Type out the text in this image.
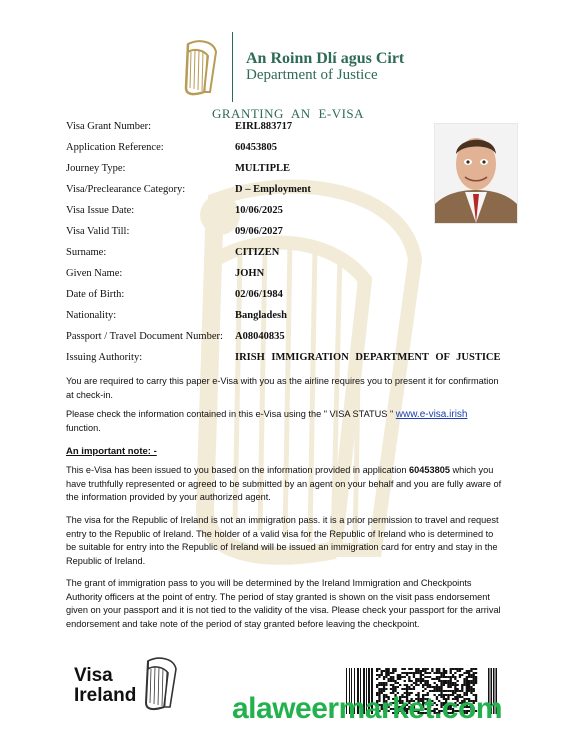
An Roinn Dlí agus Cirt
Department of Justice
GRANTING AN E-VISA
Visa Grant Number:	EIRL883717
Application Reference:	60453805
Journey Type:	MULTIPLE
Visa/Preclearance Category:	D – Employment
Visa Issue Date:	10/06/2025
Visa Valid Till:	09/06/2027
Surname:	CITIZEN
Given Name:	JOHN
Date of Birth:	02/06/1984
Nationality:	Bangladesh
Passport / Travel Document Number: A08040835
Issuing Authority:	IRISH IMMIGRATION DEPARTMENT OF JUSTICE

You are required to carry this paper e-Visa with you as the airline requires you to present it for confirmation at check-in.

Please check the information contained in this e-Visa using the " VISA STATUS " www.e-visa.irish
function.

An important note: -

This e-Visa has been issued to you based on the information provided in application 60453805 which you have truthfully represented or agreed to be submitted by an agent on your behalf and you are fully aware of the information provided by your authorized agent.

The visa for the Republic of Ireland is not an immigration pass. it is a prior permission to travel and request entry to the Republic of Ireland. The holder of a valid visa for the Republic of Ireland who is determined to be suitable for entry into the Republic of Ireland will be issued an immigration card for entry and stay in the Republic of Ireland.

The grant of immigration pass to you will be determined by the Ireland Immigration and Checkpoints Authority officers at the point of entry. The period of stay granted is shown on the visit pass endorsement given on your passport and it is not tied to the validity of the visa. Please check your passport for the arrival endorsement and take note of the period of stay granted before leaving the checkpoint.

Visa
Ireland	alaweermarket.com
